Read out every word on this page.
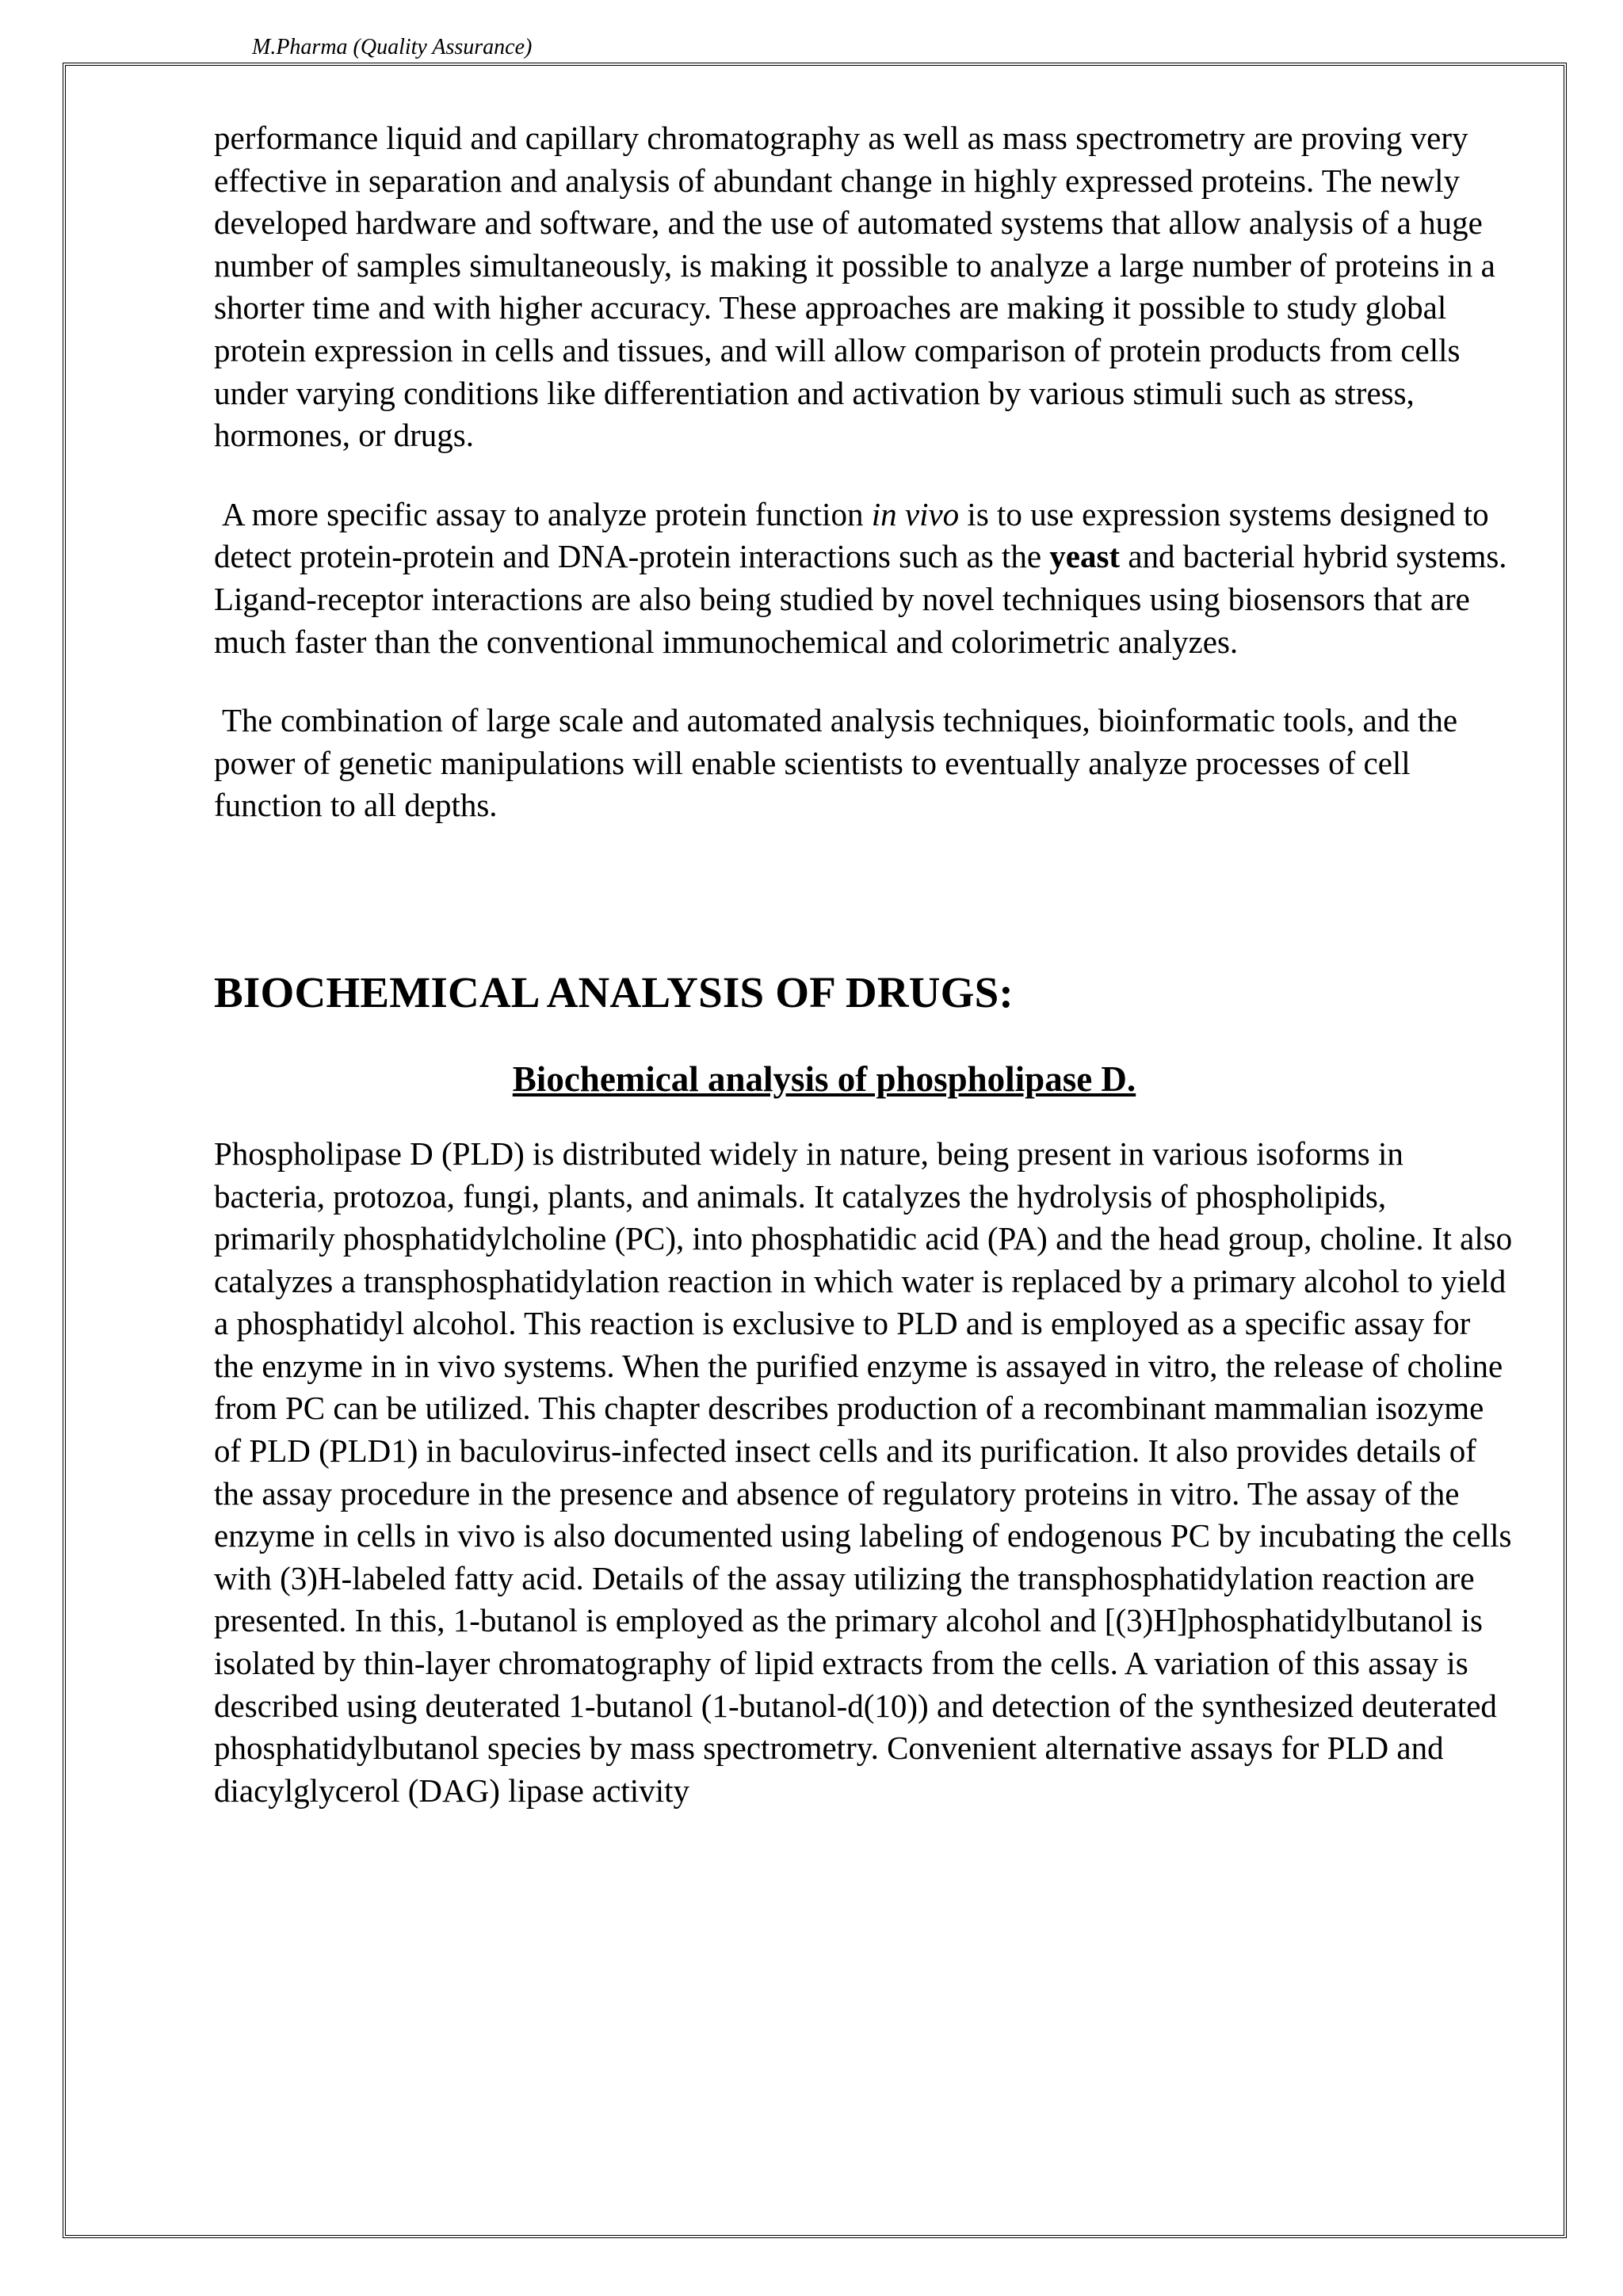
M.Pharma (Quality Assurance)

performance liquid and capillary chromatography as well as mass spectrometry are proving very effective in separation and analysis of abundant change in highly expressed proteins. The newly developed hardware and software, and the use of automated systems that allow analysis of a huge number of samples simultaneously, is making it possible to analyze a large number of proteins in a shorter time and with higher accuracy. These approaches are making it possible to study global protein expression in cells and tissues, and will allow comparison of protein products from cells under varying conditions like differentiation and activation by various stimuli such as stress, hormones, or drugs.

A more specific assay to analyze protein function in vivo is to use expression systems designed to detect protein-protein and DNA-protein interactions such as the yeast and bacterial hybrid systems. Ligand-receptor interactions are also being studied by novel techniques using biosensors that are much faster than the conventional immunochemical and colorimetric analyzes.

The combination of large scale and automated analysis techniques, bioinformatic tools, and the power of genetic manipulations will enable scientists to eventually analyze processes of cell function to all depths.

BIOCHEMICAL ANALYSIS OF DRUGS:
Biochemical analysis of phospholipase D.

Phospholipase D (PLD) is distributed widely in nature, being present in various isoforms in bacteria, protozoa, fungi, plants, and animals. It catalyzes the hydrolysis of phospholipids, primarily phosphatidylcholine (PC), into phosphatidic acid (PA) and the head group, choline. It also catalyzes a transphosphatidylation reaction in which water is replaced by a primary alcohol to yield a phosphatidyl alcohol. This reaction is exclusive to PLD and is employed as a specific assay for the enzyme in in vivo systems. When the purified enzyme is assayed in vitro, the release of choline from PC can be utilized. This chapter describes production of a recombinant mammalian isozyme of PLD (PLD1) in baculovirus-infected insect cells and its purification. It also provides details of the assay procedure in the presence and absence of regulatory proteins in vitro. The assay of the enzyme in cells in vivo is also documented using labeling of endogenous PC by incubating the cells with (3)H-labeled fatty acid. Details of the assay utilizing the transphosphatidylation reaction are presented. In this, 1-butanol is employed as the primary alcohol and [(3)H]phosphatidylbutanol is isolated by thin-layer chromatography of lipid extracts from the cells. A variation of this assay is described using deuterated 1-butanol (1-butanol-d(10)) and detection of the synthesized deuterated phosphatidylbutanol species by mass spectrometry. Convenient alternative assays for PLD and diacylglycerol (DAG) lipase activity
